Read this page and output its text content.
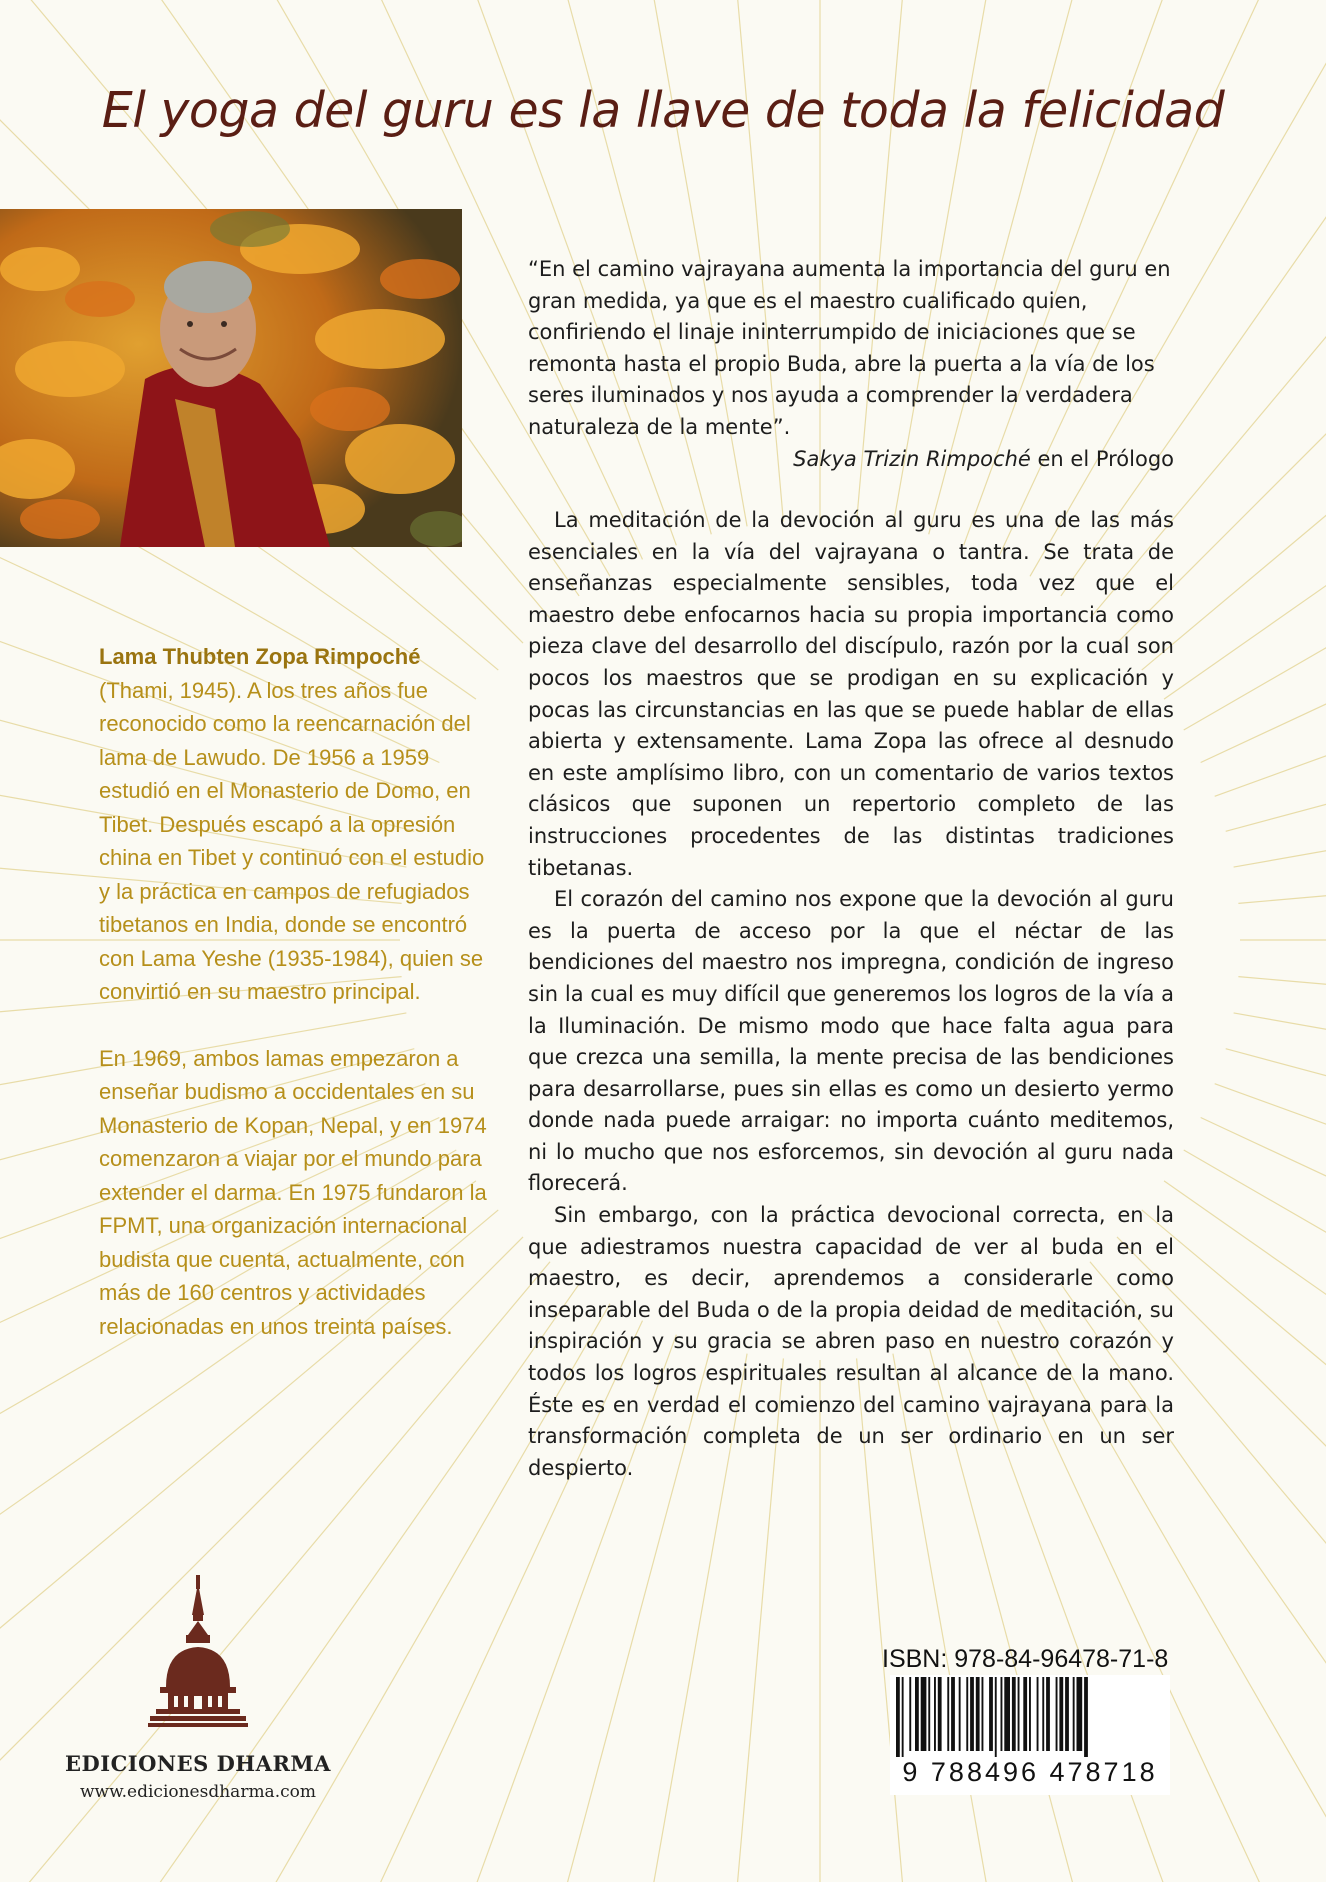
El yoga del guru es la llave de toda la felicidad

Lama Thubten Zopa Rimpoché (Thami, 1945). A los tres años fue reconocido como la reencarnación del lama de Lawudo. De 1956 a 1959 estudió en el Monasterio de Domo, en Tibet. Después escapó a la opresión china en Tibet y continuó con el estudio y la práctica en campos de refugiados tibetanos en India, donde se encontró con Lama Yeshe (1935-1984), quien se convirtió en su maestro principal.

En 1969, ambos lamas empezaron a enseñar budismo a occidentales en su Monasterio de Kopan, Nepal, y en 1974 comenzaron a viajar por el mundo para extender el darma. En 1975 fundaron la FPMT, una organización internacional budista que cuenta, actualmente, con más de 160 centros y actividades relacionadas en unos treinta países.

“En el camino vajrayana aumenta la importancia del guru en gran medida, ya que es el maestro cualificado quien, confiriendo el linaje ininterrumpido de iniciaciones que se remonta hasta el propio Buda, abre la puerta a la vía de los seres iluminados y nos ayuda a comprender la verdadera naturaleza de la mente”.

Sakya Trizin Rimpoché en el Prólogo

La meditación de la devoción al guru es una de las más esenciales en la vía del vajrayana o tantra. Se trata de enseñanzas especialmente sensibles, toda vez que el maestro debe enfocarnos hacia su propia importancia como pieza clave del desarrollo del discípulo, razón por la cual son pocos los maestros que se prodigan en su explicación y pocas las circunstancias en las que se puede hablar de ellas abierta y extensamente. Lama Zopa las ofrece al desnudo en este amplísimo libro, con un comentario de varios textos clásicos que suponen un repertorio completo de las instrucciones procedentes de las distintas tradiciones tibetanas.

El corazón del camino nos expone que la devoción al guru es la puerta de acceso por la que el néctar de las bendiciones del maestro nos impregna, condición de ingreso sin la cual es muy difícil que generemos los logros de la vía a la Iluminación. De mismo modo que hace falta agua para que crezca una semilla, la mente precisa de las bendiciones para desarrollarse, pues sin ellas es como un desierto yermo donde nada puede arraigar: no importa cuánto meditemos, ni lo mucho que nos esforcemos, sin devoción al guru nada florecerá.

Sin embargo, con la práctica devocional correcta, en la que adiestramos nuestra capacidad de ver al buda en el maestro, es decir, aprendemos a considerarle como inseparable del Buda o de la propia deidad de meditación, su inspiración y su gracia se abren paso en nuestro corazón y todos los logros espirituales resultan al alcance de la mano. Éste es en verdad el comienzo del camino vajrayana para la transformación completa de un ser ordinario en un ser despierto.

EDICIONES DHARMA
www.edicionesdharma.com
ISBN: 978-84-96478-71-8
9 788496 478718
